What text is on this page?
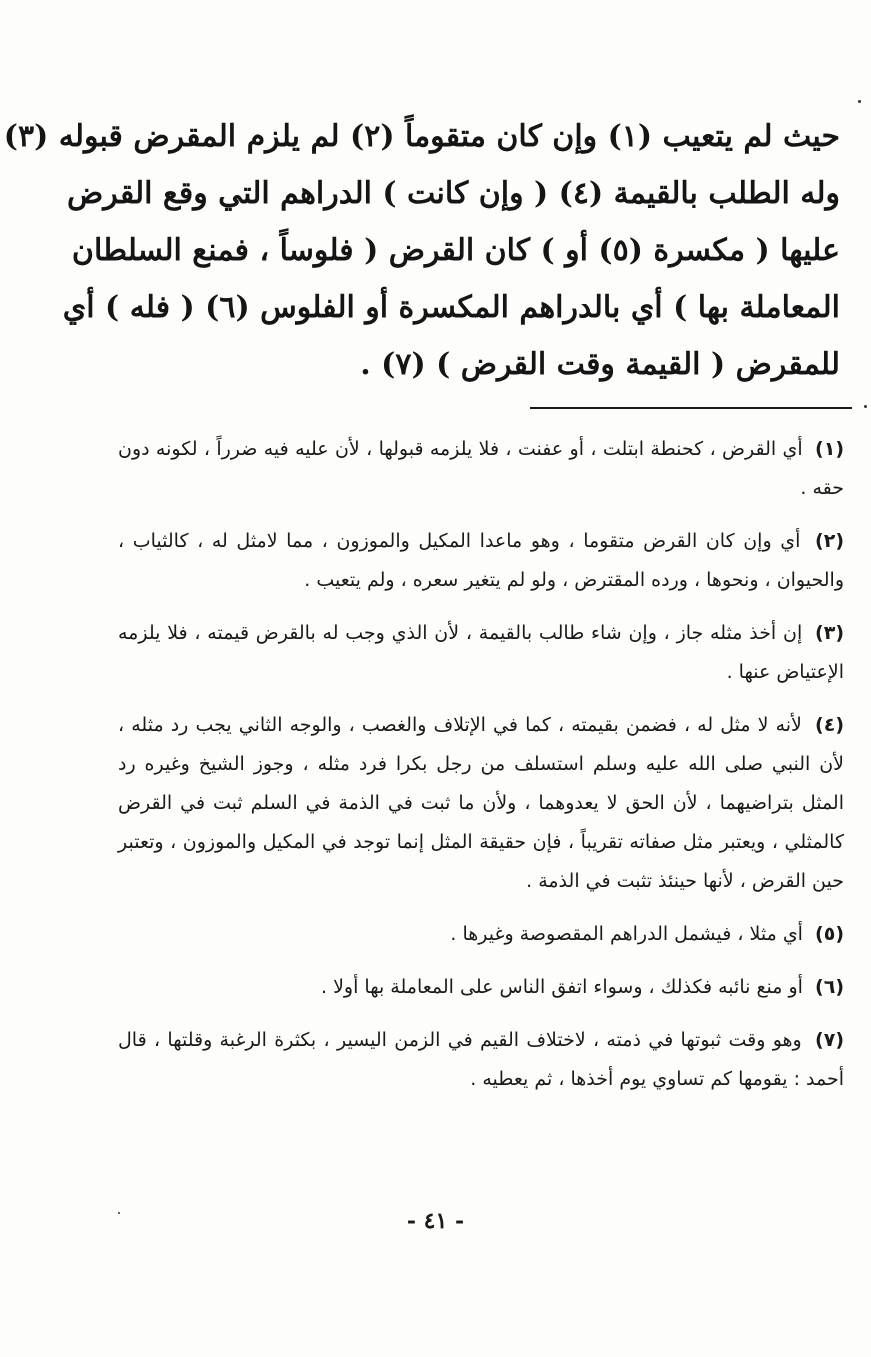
حيث لم يتعيب (١) وإن كان متقوماً (٢) لم يلزم المقرض قبوله (٣)
وله الطلب بالقيمة (٤) ( وإن كانت ) الدراهم التي وقع القرض
عليها ( مكسرة (٥) أو ) كان القرض ( فلوساً ، فمنع السلطان
المعاملة بها ) أي بالدراهم المكسرة أو الفلوس (٦) ( فله ) أي
للمقرض ( القيمة وقت القرض ) (٧) .
(١) أي القرض ، كحنطة ابتلت ، أو عفنت ، فلا يلزمه قبولها ، لأن عليه فيه ضرراً ، لكونه دون حقه .
(٢) أي وإن كان القرض متقوما ، وهو ماعدا المكيل والموزون ، مما لامثل له ، كالثياب ، والحيوان ، ونحوها ، ورده المقترض ، ولو لم يتغير سعره ، ولم يتعيب .
(٣) إن أخذ مثله جاز ، وإن شاء طالب بالقيمة ، لأن الذي وجب له بالقرض قيمته ، فلا يلزمه الإعتياض عنها .
(٤) لأنه لا مثل له ، فضمن بقيمته ، كما في الإتلاف والغصب ، والوجه الثاني يجب رد مثله ، لأن النبي صلى الله عليه وسلم استسلف من رجل بكرا فرد مثله ، وجوز الشيخ وغيره رد المثل بتراضيهما ، لأن الحق لا يعدوهما ، ولأن ما ثبت في الذمة في السلم ثبت في القرض كالمثلي ، ويعتبر مثل صفاته تقريباً ، فإن حقيقة المثل إنما توجد في المكيل والموزون ، وتعتبر حين القرض ، لأنها حينئذ تثبت في الذمة .
(٥) أي مثلا ، فيشمل الدراهم المقصوصة وغيرها .
(٦) أو منع نائبه فكذلك ، وسواء اتفق الناس على المعاملة بها أولا .
(٧) وهو وقت ثبوتها في ذمته ، لاختلاف القيم في الزمن اليسير ، بكثرة الرغبة وقلتها ، قال أحمد : يقومها كم تساوي يوم أخذها ، ثم يعطيه .
- ٤١ -
